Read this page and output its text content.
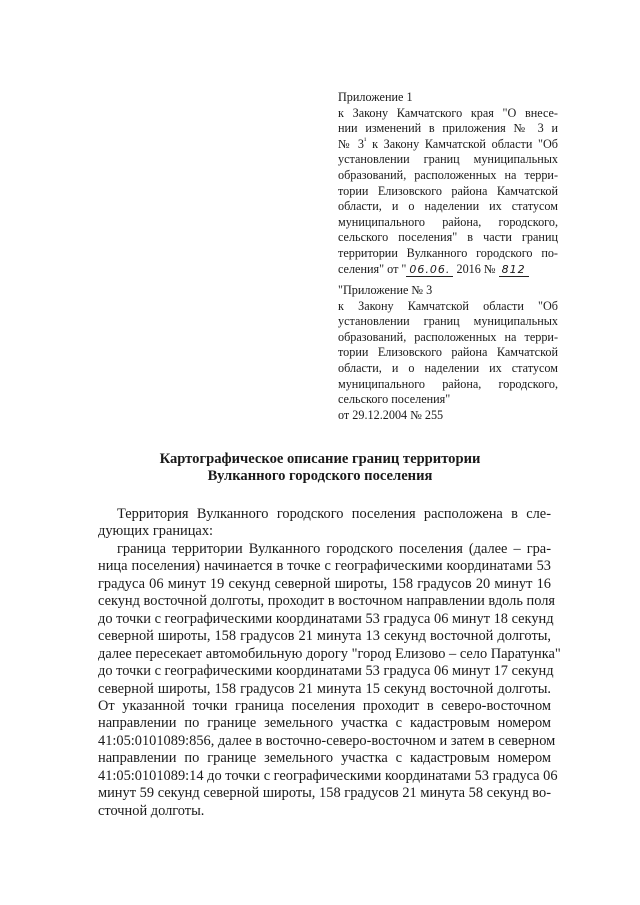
Приложение 1
к Закону Камчатского края "О внесе-
нии изменений в приложения № 3 и
№ $3^{^1}$ к Закону Камчатской области "Об
установлении границ муниципальных
образований, расположенных на терри-
тории Елизовского района Камчатской
области, и о наделении их статусом
муниципального района, городского,
сельского поселения" в части границ
территории Вулканного городского по-
селения" от " 06.06. 2016 № 812
"Приложение № 3
к Закону Камчатской области "Об
установлении границ муниципальных
образований, расположенных на терри-
тории Елизовского района Камчатской
области, и о наделении их статусом
муниципального района, городского,
сельского поселения"
от 29.12.2004 № 255
Картографическое описание границ территории
Вулканного городского поселения
Территория Вулканного городского поселения расположена в сле-
дующих границах:
граница территории Вулканного городского поселения (далее – гра-
ница поселения) начинается в точке с географическими координатами 53
градуса 06 минут 19 секунд северной широты, 158 градусов 20 минут 16
секунд восточной долготы, проходит в восточном направлении вдоль поля
до точки с географическими координатами 53 градуса 06 минут 18 секунд
северной широты, 158 градусов 21 минута 13 секунд восточной долготы,
далее пересекает автомобильную дорогу "город Елизово – село Паратунка"
до точки с географическими координатами 53 градуса 06 минут 17 секунд
северной широты, 158 градусов 21 минута 15 секунд восточной долготы.
От указанной точки граница поселения проходит в северо-восточном
направлении по границе земельного участка с кадастровым номером
41:05:0101089:856, далее в восточно-северо-восточном и затем в северном
направлении по границе земельного участка с кадастровым номером
41:05:0101089:14 до точки с географическими координатами 53 градуса 06
минут 59 секунд северной широты, 158 градусов 21 минута 58 секунд во-
сточной долготы.
